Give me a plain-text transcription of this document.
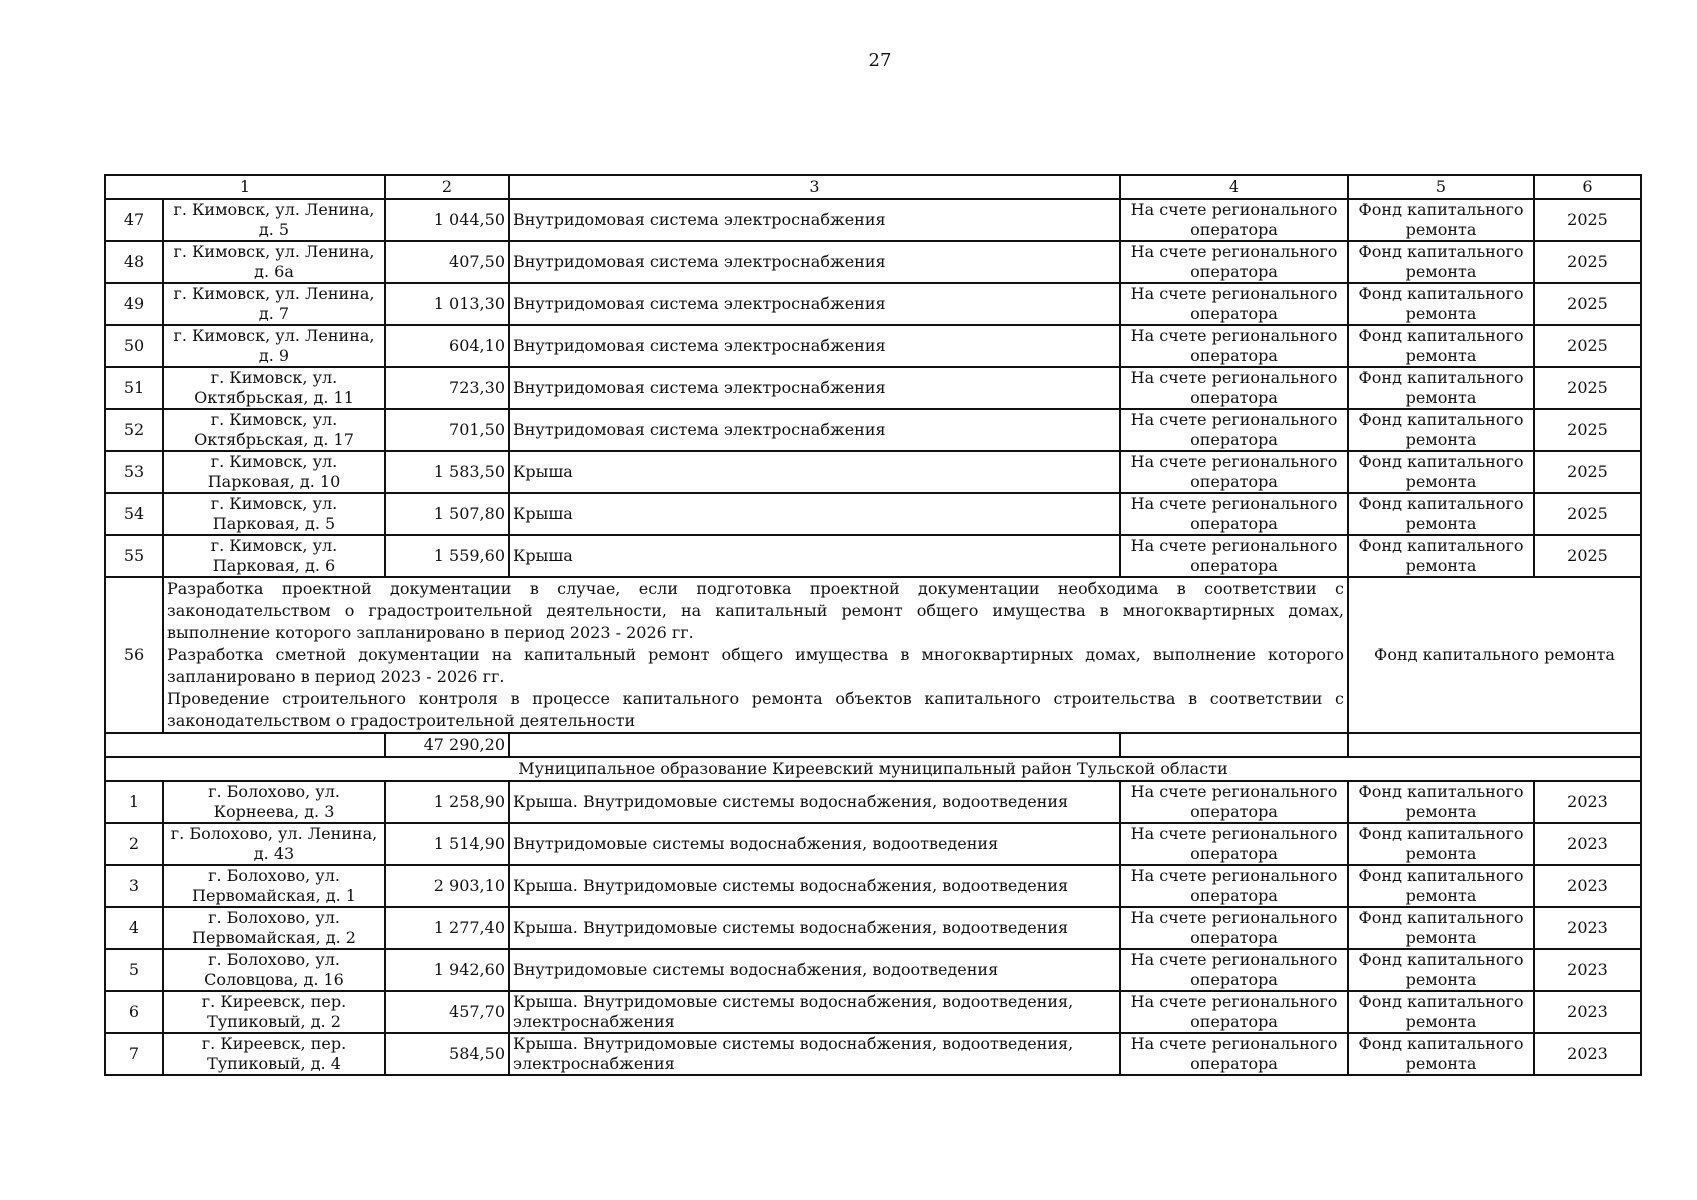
27
1		2	3	4	5	6
47	г. Кимовск, ул. Ленина, д. 5	1 044,50	Внутридомовая система электроснабжения	На счете регионального оператора	Фонд капитального ремонта	2025
48	г. Кимовск, ул. Ленина, д. 6а	407,50	Внутридомовая система электроснабжения	На счете регионального оператора	Фонд капитального ремонта	2025
49	г. Кимовск, ул. Ленина, д. 7	1 013,30	Внутридомовая система электроснабжения	На счете регионального оператора	Фонд капитального ремонта	2025
50	г. Кимовск, ул. Ленина, д. 9	604,10	Внутридомовая система электроснабжения	На счете регионального оператора	Фонд капитального ремонта	2025
51	г. Кимовск, ул. Октябрьская, д. 11	723,30	Внутридомовая система электроснабжения	На счете регионального оператора	Фонд капитального ремонта	2025
52	г. Кимовск, ул. Октябрьская, д. 17	701,50	Внутридомовая система электроснабжения	На счете регионального оператора	Фонд капитального ремонта	2025
53	г. Кимовск, ул. Парковая, д. 10	1 583,50	Крыша	На счете регионального оператора	Фонд капитального ремонта	2025
54	г. Кимовск, ул. Парковая, д. 5	1 507,80	Крыша	На счете регионального оператора	Фонд капитального ремонта	2025
55	г. Кимовск, ул. Парковая, д. 6	1 559,60	Крыша	На счете регионального оператора	Фонд капитального ремонта	2025
56	Разработка проектной документации в случае, если подготовка проектной документации необходима в соответствии с законодательством о градостроительной деятельности, на капитальный ремонт общего имущества в многоквартирных домах, выполнение которого запланировано в период 2023 - 2026 гг.
Разработка сметной документации на капитальный ремонт общего имущества в многоквартирных домах, выполнение которого запланировано в период 2023 - 2026 гг.
Проведение строительного контроля в процессе капитального ремонта объектов капитального строительства в соответствии с законодательством о градостроительной деятельности				Фонд капитального ремонта	
		47 290,20				
Муниципальное образование Киреевский муниципальный район Тульской области						
1	г. Болохово, ул. Корнеева, д. 3	1 258,90	Крыша. Внутридомовые системы водоснабжения, водоотведения	На счете регионального оператора	Фонд капитального ремонта	2023
2	г. Болохово, ул. Ленина, д. 43	1 514,90	Внутридомовые системы водоснабжения, водоотведения	На счете регионального оператора	Фонд капитального ремонта	2023
3	г. Болохово, ул. Первомайская, д. 1	2 903,10	Крыша. Внутридомовые системы водоснабжения, водоотведения	На счете регионального оператора	Фонд капитального ремонта	2023
4	г. Болохово, ул. Первомайская, д. 2	1 277,40	Крыша. Внутридомовые системы водоснабжения, водоотведения	На счете регионального оператора	Фонд капитального ремонта	2023
5	г. Болохово, ул. Соловцова, д. 16	1 942,60	Внутридомовые системы водоснабжения, водоотведения	На счете регионального оператора	Фонд капитального ремонта	2023
6	г. Киреевск, пер. Тупиковый, д. 2	457,70	Крыша. Внутридомовые системы водоснабжения, водоотведения, электроснабжения	На счете регионального оператора	Фонд капитального ремонта	2023
7	г. Киреевск, пер. Тупиковый, д. 4	584,50	Крыша. Внутридомовые системы водоснабжения, водоотведения, электроснабжения	На счете регионального оператора	Фонд капитального ремонта	2023
